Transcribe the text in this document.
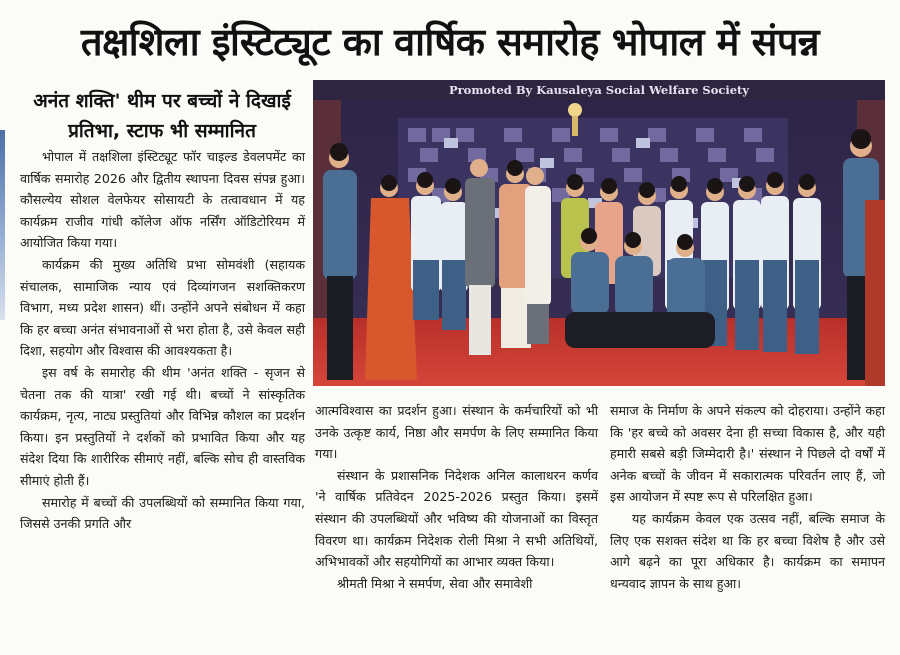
तक्षशिला इंस्टिट्यूट का वार्षिक समारोह भोपाल में संपन्न
अनंत शक्ति' थीम पर बच्चों ने दिखाई
प्रतिभा, स्टाफ भी सम्मानित

भोपाल में तक्षशिला इंस्टिट्यूट फॉर चाइल्ड डेवलपमेंट का वार्षिक समारोह 2026 और द्वितीय स्थापना दिवस संपन्न हुआ। कौसल्येय सोशल वेलफेयर सोसायटी के तत्वावधान में यह कार्यक्रम राजीव गांधी कॉलेज ऑफ नर्सिंग ऑडिटोरियम में आयोजित किया गया।

कार्यक्रम की मुख्य अतिथि प्रभा सोमवंशी (सहायक संचालक, सामाजिक न्याय एवं दिव्यांगजन सशक्तिकरण विभाग, मध्य प्रदेश शासन) थीं। उन्होंने अपने संबोधन में कहा कि हर बच्चा अनंत संभावनाओं से भरा होता है, उसे केवल सही दिशा, सहयोग और विश्वास की आवश्यकता है।

इस वर्ष के समारोह की थीम 'अनंत शक्ति - सृजन से चेतना तक की यात्रा' रखी गई थी। बच्चों ने सांस्कृतिक कार्यक्रम, नृत्य, नाट्य प्रस्तुतियां और विभिन्न कौशल का प्रदर्शन किया। इन प्रस्तुतियों ने दर्शकों को प्रभावित किया और यह संदेश दिया कि शारीरिक सीमाएं नहीं, बल्कि सोच ही वास्तविक सीमाएं होती हैं।

समारोह में बच्चों की उपलब्धियों को सम्मानित किया गया, जिससे उनकी प्रगति और

Promoted By Kausaleya Social Welfare Society

आत्मविश्वास का प्रदर्शन हुआ। संस्थान के कर्मचारियों को भी उनके उत्कृष्ट कार्य, निष्ठा और समर्पण के लिए सम्मानित किया गया।

संस्थान के प्रशासनिक निदेशक अनिल कालाधरन कर्णव 'ने वार्षिक प्रतिवेदन 2025-2026 प्रस्तुत किया। इसमें संस्थान की उपलब्धियों और भविष्य की योजनाओं का विस्तृत विवरण था। कार्यक्रम निदेशक रोली मिश्रा ने सभी अतिथियों, अभिभावकों और सहयोगियों का आभार व्यक्त किया।

श्रीमती मिश्रा ने समर्पण, सेवा और समावेशी

समाज के निर्माण के अपने संकल्प को दोहराया। उन्होंने कहा कि 'हर बच्चे को अवसर देना ही सच्चा विकास है, और यही हमारी सबसे बड़ी जिम्मेदारी है।' संस्थान ने पिछले दो वर्षों में अनेक बच्चों के जीवन में सकारात्मक परिवर्तन लाए हैं, जो इस आयोजन में स्पष्ट रूप से परिलक्षित हुआ।

यह कार्यक्रम केवल एक उत्सव नहीं, बल्कि समाज के लिए एक सशक्त संदेश था कि हर बच्चा विशेष है और उसे आगे बढ़ने का पूरा अधिकार है। कार्यक्रम का समापन धन्यवाद ज्ञापन के साथ हुआ।
